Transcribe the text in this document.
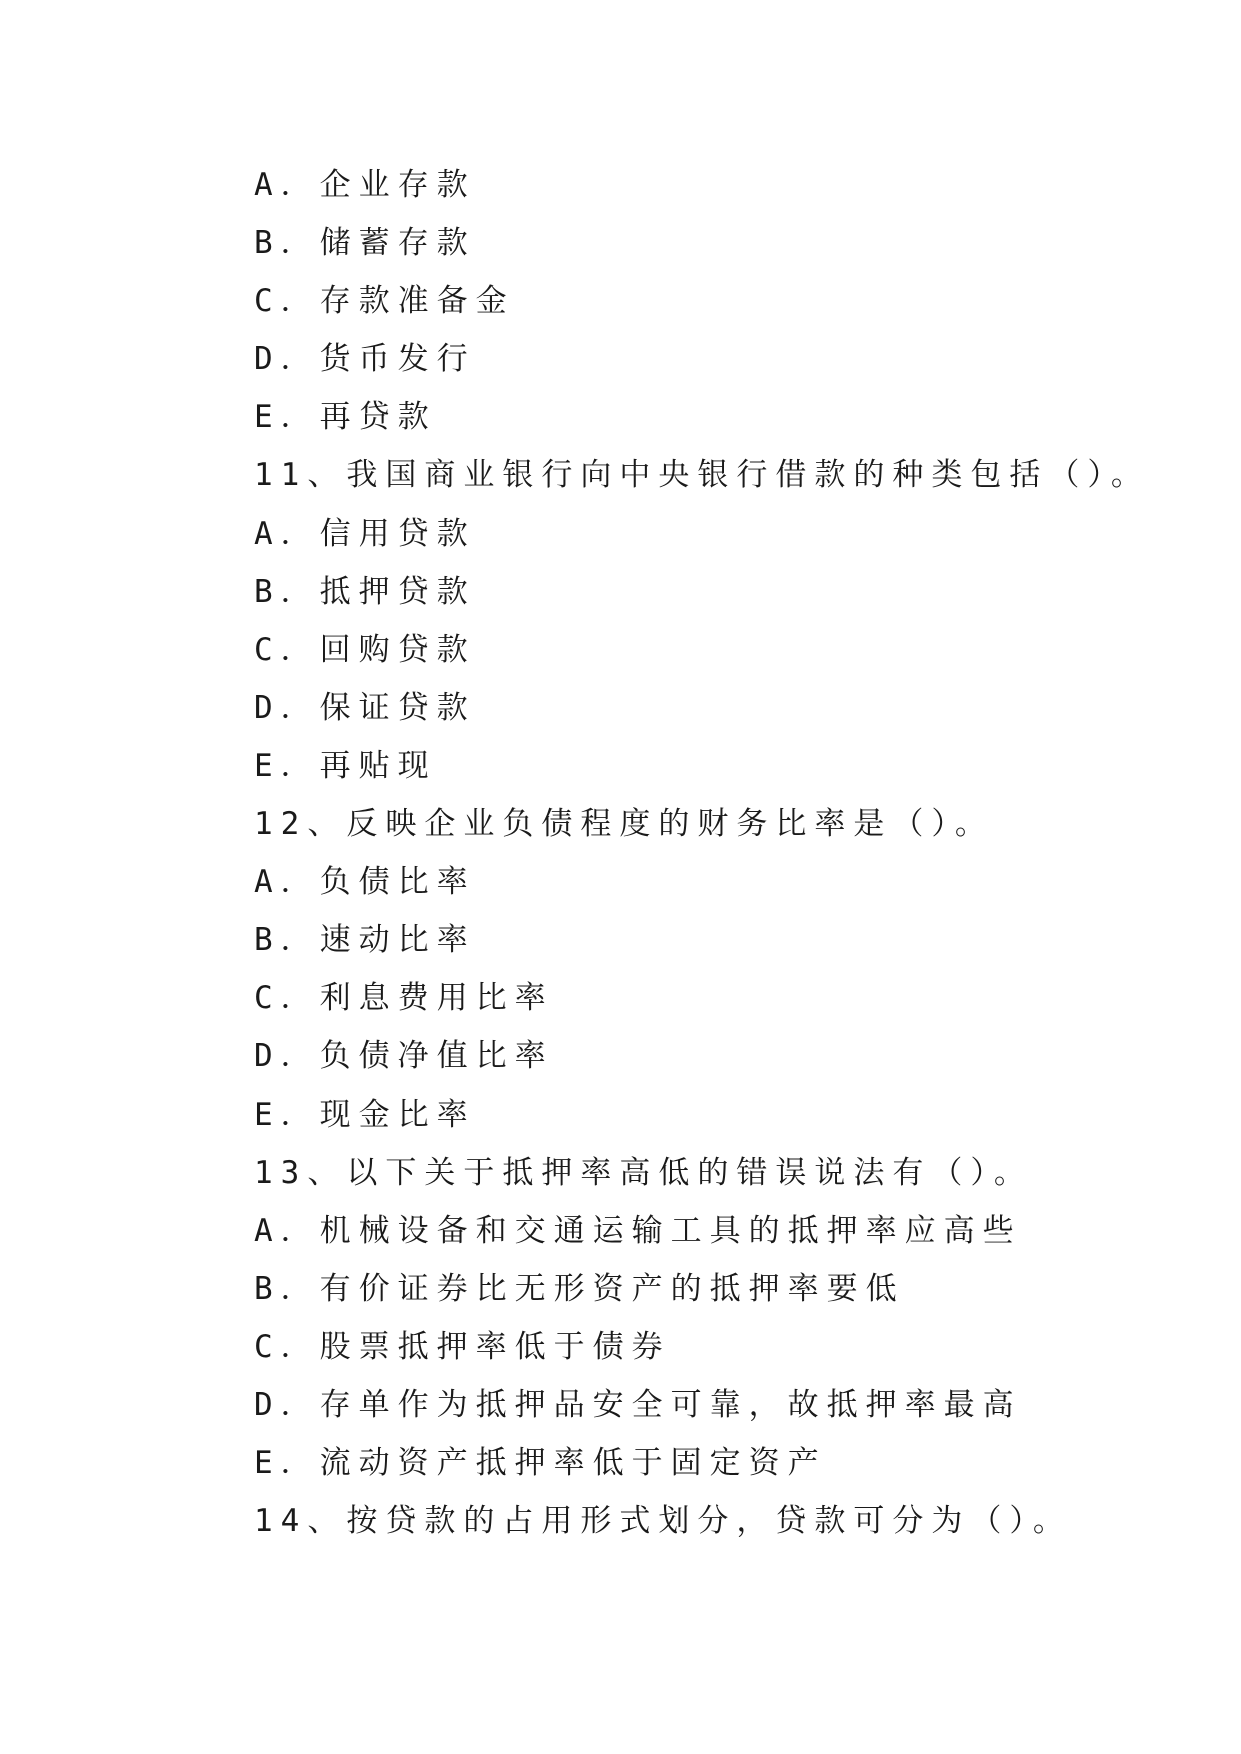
A．企业存款
B．储蓄存款
C．存款准备金
D．货币发行
E．再贷款
11、我国商业银行向中央银行借款的种类包括（）。
A．信用贷款
B．抵押贷款
C．回购贷款
D．保证贷款
E．再贴现
12、反映企业负债程度的财务比率是（）。
A．负债比率
B．速动比率
C．利息费用比率
D．负债净值比率
E．现金比率
13、以下关于抵押率高低的错误说法有（）。
A．机械设备和交通运输工具的抵押率应高些
B．有价证券比无形资产的抵押率要低
C．股票抵押率低于债券
D．存单作为抵押品安全可靠，故抵押率最高
E．流动资产抵押率低于固定资产
14、按贷款的占用形式划分，贷款可分为（）。
